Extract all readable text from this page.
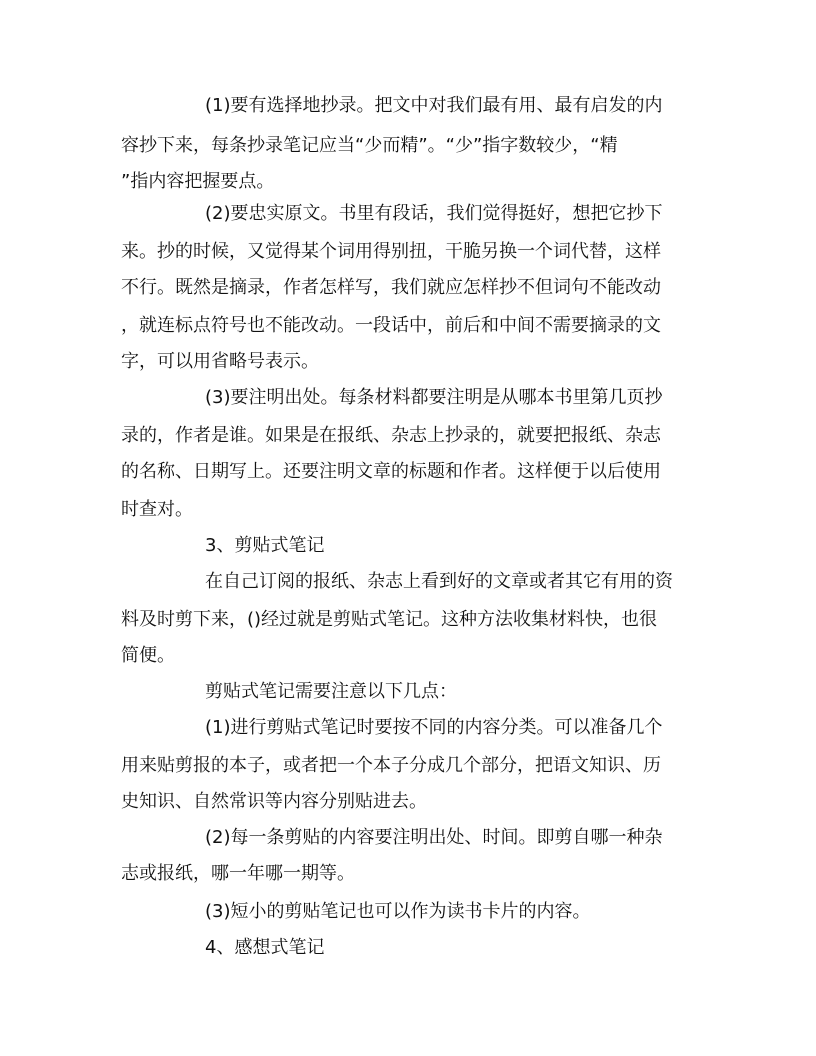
(1)要有选择地抄录。把文中对我们最有用、最有启发的内

容抄下来，每条抄录笔记应当“少而精”。“少”指字数较少，“精

”指内容把握要点。

(2)要忠实原文。书里有段话，我们觉得挺好，想把它抄下

来。抄的时候，又觉得某个词用得别扭，干脆另换一个词代替，这样

不行。既然是摘录，作者怎样写，我们就应怎样抄不但词句不能改动

，就连标点符号也不能改动。一段话中，前后和中间不需要摘录的文

字，可以用省略号表示。

(3)要注明出处。每条材料都要注明是从哪本书里第几页抄

录的，作者是谁。如果是在报纸、杂志上抄录的，就要把报纸、杂志

的名称、日期写上。还要注明文章的标题和作者。这样便于以后使用

时查对。

3、剪贴式笔记

在自己订阅的报纸、杂志上看到好的文章或者其它有用的资

料及时剪下来，()经过就是剪贴式笔记。这种方法收集材料快，也很

简便。

剪贴式笔记需要注意以下几点：

(1)进行剪贴式笔记时要按不同的内容分类。可以准备几个

用来贴剪报的本子，或者把一个本子分成几个部分，把语文知识、历

史知识、自然常识等内容分别贴进去。

(2)每一条剪贴的内容要注明出处、时间。即剪自哪一种杂

志或报纸，哪一年哪一期等。

(3)短小的剪贴笔记也可以作为读书卡片的内容。

4、感想式笔记
